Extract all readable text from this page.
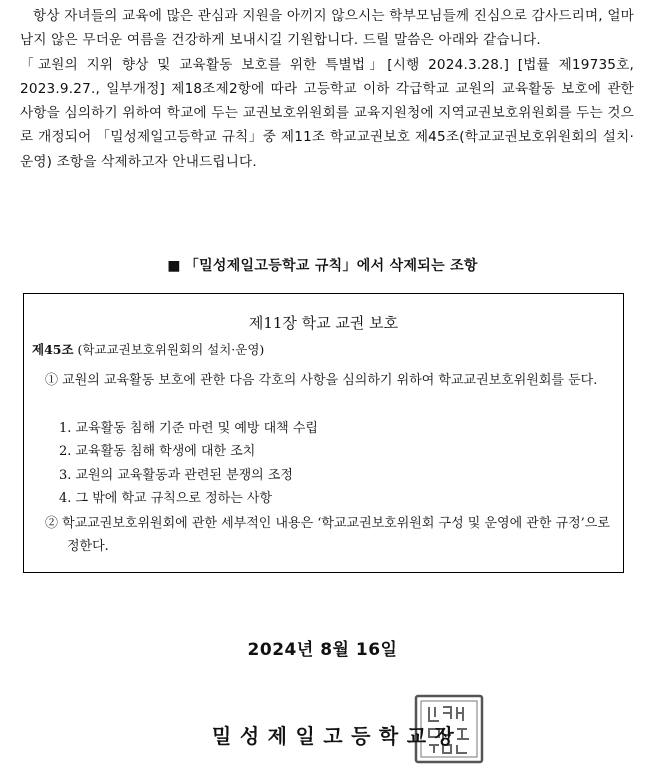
항상 자녀들의 교육에 많은 관심과 지원을 아끼지 않으시는 학부모님들께 진심으로 감사드리며, 얼마 남지 않은 무더운 여름을 건강하게 보내시길 기원합니다. 드릴 말씀은 아래와 같습니다.

「교원의 지위 향상 및 교육활동 보호를 위한 특별법」[시행 2024.3.28.] [법률 제19735호, 2023.9.27., 일부개정] 제18조제2항에 따라 고등학교 이하 각급학교 교원의 교육활동 보호에 관한 사항을 심의하기 위하여 학교에 두는 교권보호위원회를 교육지원청에 지역교권보호위원회를 두는 것으로 개정되어 「밀성제일고등학교 규칙」중 제11조 학교교권보호 제45조(학교교권보호위원회의 설치·운영) 조항을 삭제하고자 안내드립니다.

■ 「밀성제일고등학교 규칙」에서 삭제되는 조항
제11장 학교 교권 보호
제45조 (학교교권보호위원회의 설치·운영)
① 교원의 교육활동 보호에 관한 다음 각호의 사항을 심의하기 위하여 학교교권보호위원회를 둔다.
1. 교육활동 침해 기준 마련 및 예방 대책 수립
2. 교육활동 침해 학생에 대한 조치
3. 교원의 교육활동과 관련된 분쟁의 조정
4. 그 밖에 학교 규칙으로 정하는 사항
② 학교교권보호위원회에 관한 세부적인 내용은 ‘학교교권보호위원회 구성 및 운영에 관한 규정’으로 정한다.
2024년 8월 16일
밀성제일고등학교장
